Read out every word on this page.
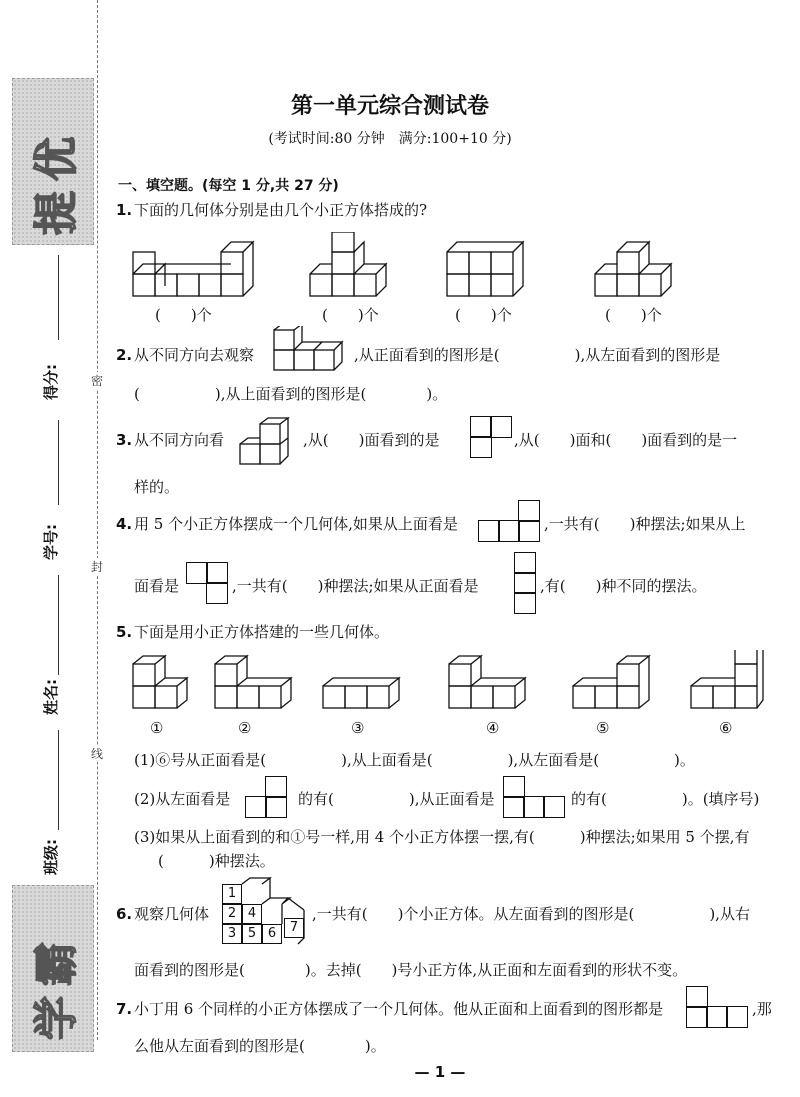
提优
学霸
得分:
学号:
姓名:
班级:
密
封
线
第一单元综合测试卷
(考试时间:80 分钟　满分:100+10 分)
一、填空题。(每空 1 分,共 27 分)
1. 下面的几何体分别是由几个小正方体搭成的?
(　　)个	(　　)个	(　　)个	(　　)个
2. 从不同方向去观察	,从正面看到的图形是(　　　　　),从左面看到的图形是
(　　　　　),从上面看到的图形是(　　　　)。
3. 从不同方向看	,从(　　)面看到的是	,从(　　)面和(　　)面看到的是一
样的。
4. 用 5 个小正方体摆成一个几何体,如果从上面看是	,一共有(　　)种摆法;如果从上
面看是	,一共有(　　)种摆法;如果从正面看是	,有(　　)种不同的摆法。
5. 下面是用小正方体搭建的一些几何体。
①	②	③	④	⑤	⑥
(1)⑥号从正面看是(　　　　　),从上面看是(　　　　　),从左面看是(　　　　　)。
(2)从左面看是	的有(　　　　　),从正面看是	的有(　　　　　)。(填序号)
(3)如果从上面看到的和①号一样,用 4 个小正方体摆一摆,有(　　　)种摆法;如果用 5 个摆,有
(　　　)种摆法。
6. 观察几何体
1
2 4
3 5 6	7
,一共有(　　)个小正方体。从左面看到的图形是(　　　　　),从右
面看到的图形是(　　　　)。去掉(　　)号小正方体,从正面和左面看到的形状不变。
7. 小丁用 6 个同样的小正方体摆成了一个几何体。他从正面和上面看到的图形都是	,那
么他从左面看到的图形是(　　　　)。
— 1 —
